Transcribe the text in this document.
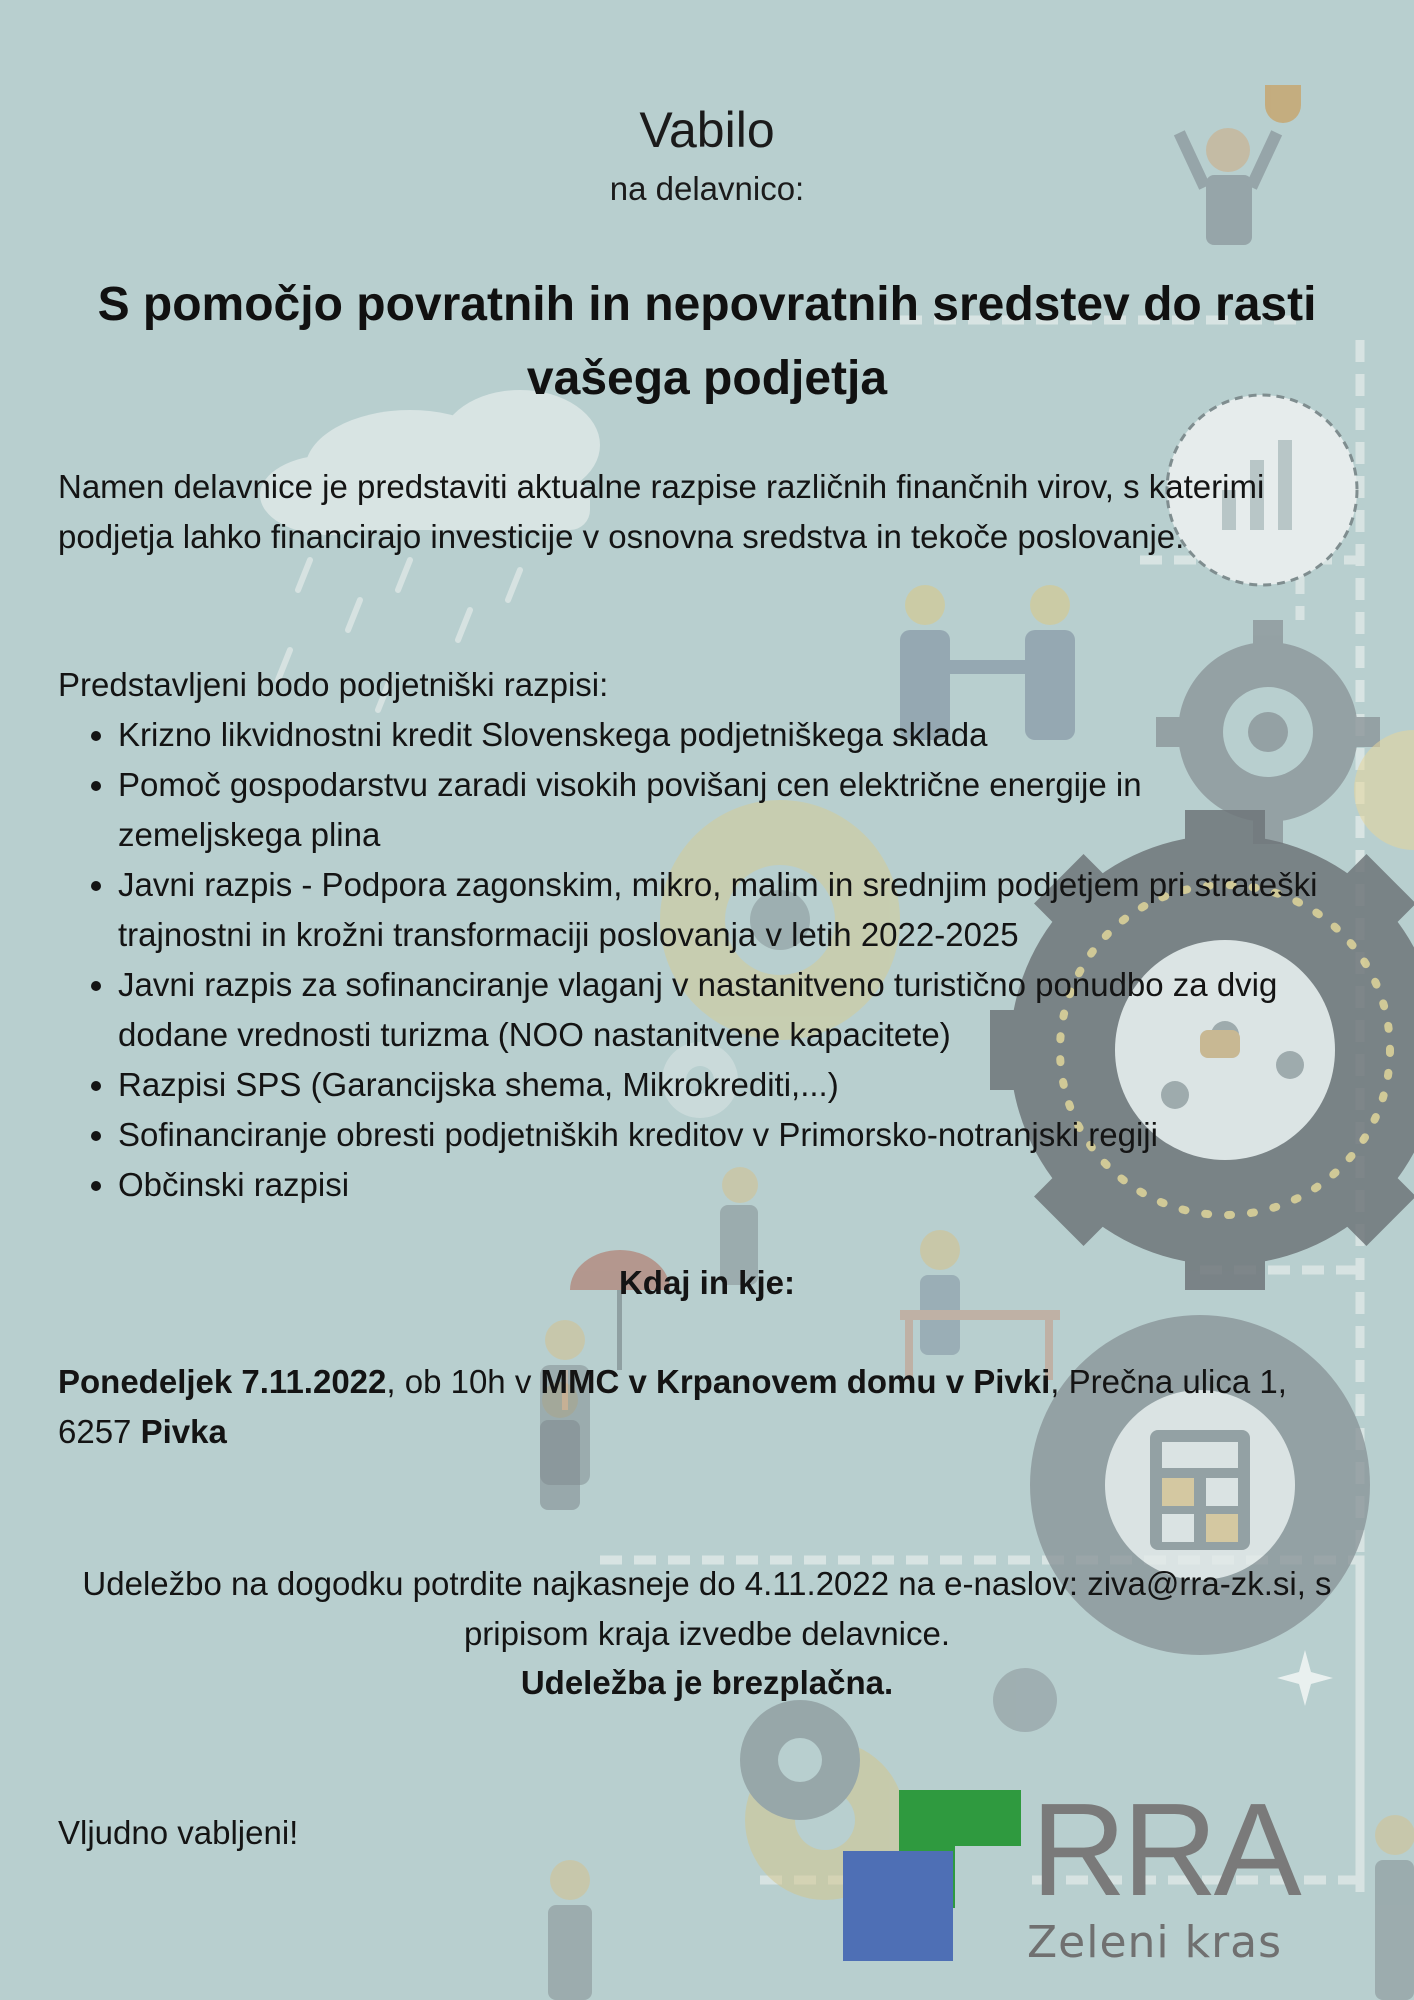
Vabilo
na delavnico:
S pomočjo povratnih in nepovratnih sredstev do rasti vašega podjetja
Namen delavnice je predstaviti aktualne razpise različnih finančnih virov, s katerimi podjetja lahko financirajo investicije v osnovna sredstva in tekoče poslovanje.
Predstavljeni bodo podjetniški razpisi:
• Krizno likvidnostni kredit Slovenskega podjetniškega sklada
• Pomoč gospodarstvu zaradi visokih povišanj cen električne energije in zemeljskega plina
• Javni razpis - Podpora zagonskim, mikro, malim in srednjim podjetjem pri strateški trajnostni in krožni transformaciji poslovanja v letih 2022-2025
• Javni razpis za sofinanciranje vlaganj v nastanitveno turistično ponudbo za dvig dodane vrednosti turizma (NOO nastanitvene kapacitete)
• Razpisi SPS (Garancijska shema, Mikrokrediti,...)
• Sofinanciranje obresti podjetniških kreditov v Primorsko-notranjski regiji
• Občinski razpisi
Kdaj in kje:
Ponedeljek 7.11.2022, ob 10h v MMC v Krpanovem domu v Pivki, Prečna ulica 1, 6257 Pivka
Udeležbo na dogodku potrdite najkasneje do 4.11.2022 na e-naslov: ziva@rra-zk.si, s pripisom kraja izvedbe delavnice.
Udeležba je brezplačna.
Vljudno vabljeni!	RRA
Zeleni kras
